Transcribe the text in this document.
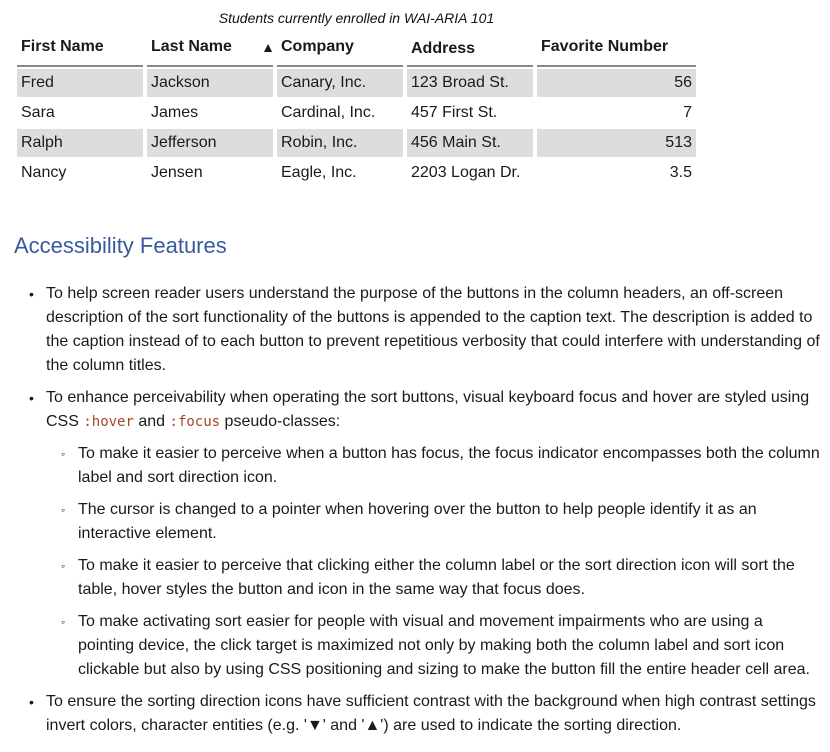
Students currently enrolled in WAI-ARIA 101
First Name	Last Name ▲	Company	Address	Favorite Number

Fred	Jackson	Canary, Inc.	123 Broad St.	56
Sara	James	Cardinal, Inc.	457 First St.	7
Ralph	Jefferson	Robin, Inc.	456 Main St.	513
Nancy	Jensen	Eagle, Inc.	2203 Logan Dr.	3.5
Accessibility Features
• To help screen reader users understand the purpose of the buttons in the column headers, an off-screen description of the sort functionality of the buttons is appended to the caption text. The description is added to the caption instead of to each button to prevent repetitious verbosity that could interfere with understanding of the column titles.
• To enhance perceivability when operating the sort buttons, visual keyboard focus and hover are styled using CSS :hover and :focus pseudo-classes:
◦ To make it easier to perceive when a button has focus, the focus indicator encompasses both the column label and sort direction icon.
◦ The cursor is changed to a pointer when hovering over the button to help people identify it as an interactive element.
◦ To make it easier to perceive that clicking either the column label or the sort direction icon will sort the table, hover styles the button and icon in the same way that focus does.
◦ To make activating sort easier for people with visual and movement impairments who are using a pointing device, the click target is maximized not only by making both the column label and sort icon clickable but also by using CSS positioning and sizing to make the button fill the entire header cell area.
• To ensure the sorting direction icons have sufficient contrast with the background when high contrast settings invert colors, character entities (e.g. '▼' and '▲') are used to indicate the sorting direction.
